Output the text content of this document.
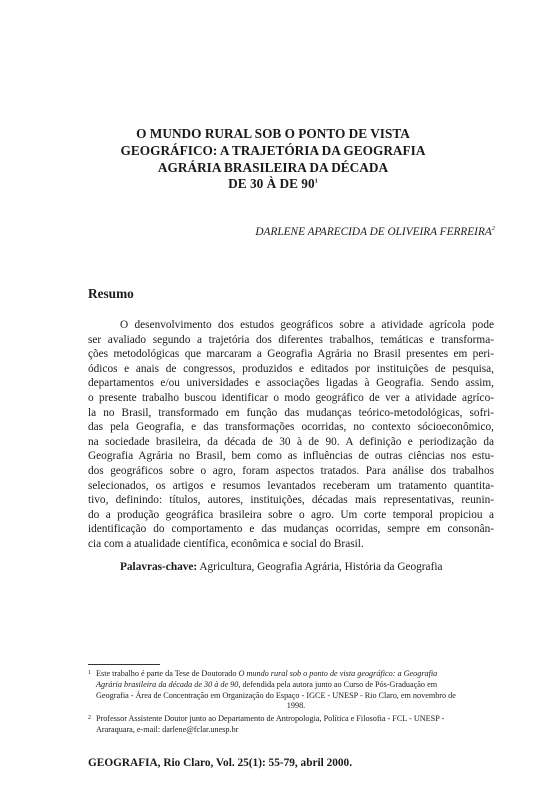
O MUNDO RURAL SOB O PONTO DE VISTA
GEOGRÁFICO: A TRAJETÓRIA DA GEOGRAFIA
AGRÁRIA BRASILEIRA DA DÉCADA
DE 30 À DE $90^1$
DARLENE APARECIDA DE OLIVEIRA FERREIRA$^2$
Resumo
O desenvolvimento dos estudos geográficos sobre a atividade agrícola pode
ser avaliado segundo a trajetória dos diferentes trabalhos, temáticas e transforma-
ções metodológicas que marcaram a Geografia Agrária no Brasil presentes em peri-
ódicos e anais de congressos, produzidos e editados por instituições de pesquisa,
departamentos e/ou universidades e associações ligadas à Geografia. Sendo assim,
o presente trabalho buscou identificar o modo geográfico de ver a atividade agríco-
la no Brasil, transformado em função das mudanças teórico-metodológicas, sofri-
das pela Geografia, e das transformações ocorridas, no contexto sócioeconômico,
na sociedade brasileira, da década de 30 à de 90. A definição e periodização da
Geografia Agrária no Brasil, bem como as influências de outras ciências nos estu-
dos geográficos sobre o agro, foram aspectos tratados. Para análise dos trabalhos
selecionados, os artigos e resumos levantados receberam um tratamento quantita-
tivo, definindo: títulos, autores, instituições, décadas mais representativas, reunin-
do a produção geográfica brasileira sobre o agro. Um corte temporal propiciou a
identificação do comportamento e das mudanças ocorridas, sempre em consonân-
cia com a atualidade científica, econômica e social do Brasil.
Palavras-chave: Agricultura, Geografia Agrária, História da Geografia
1 Este trabalho é parte da Tese de Doutorado O mundo rural sob o ponto de vista geográfico: a Geografia
Agrária brasileira da década de 30 à de 90, defendida pela autora junto ao Curso de Pós-Graduação em
Geografia - Área de Concentração em Organização do Espaço - IGCE - UNESP - Rio Claro, em novembro de
1998.
2 Professor Assistente Doutor junto ao Departamento de Antropologia, Política e Filosofia - FCL - UNESP -
Araraquara, e-mail: darlene@fclar.unesp.br
GEOGRAFIA, Rio Claro, Vol. 25(1): 55-79, abril 2000.
